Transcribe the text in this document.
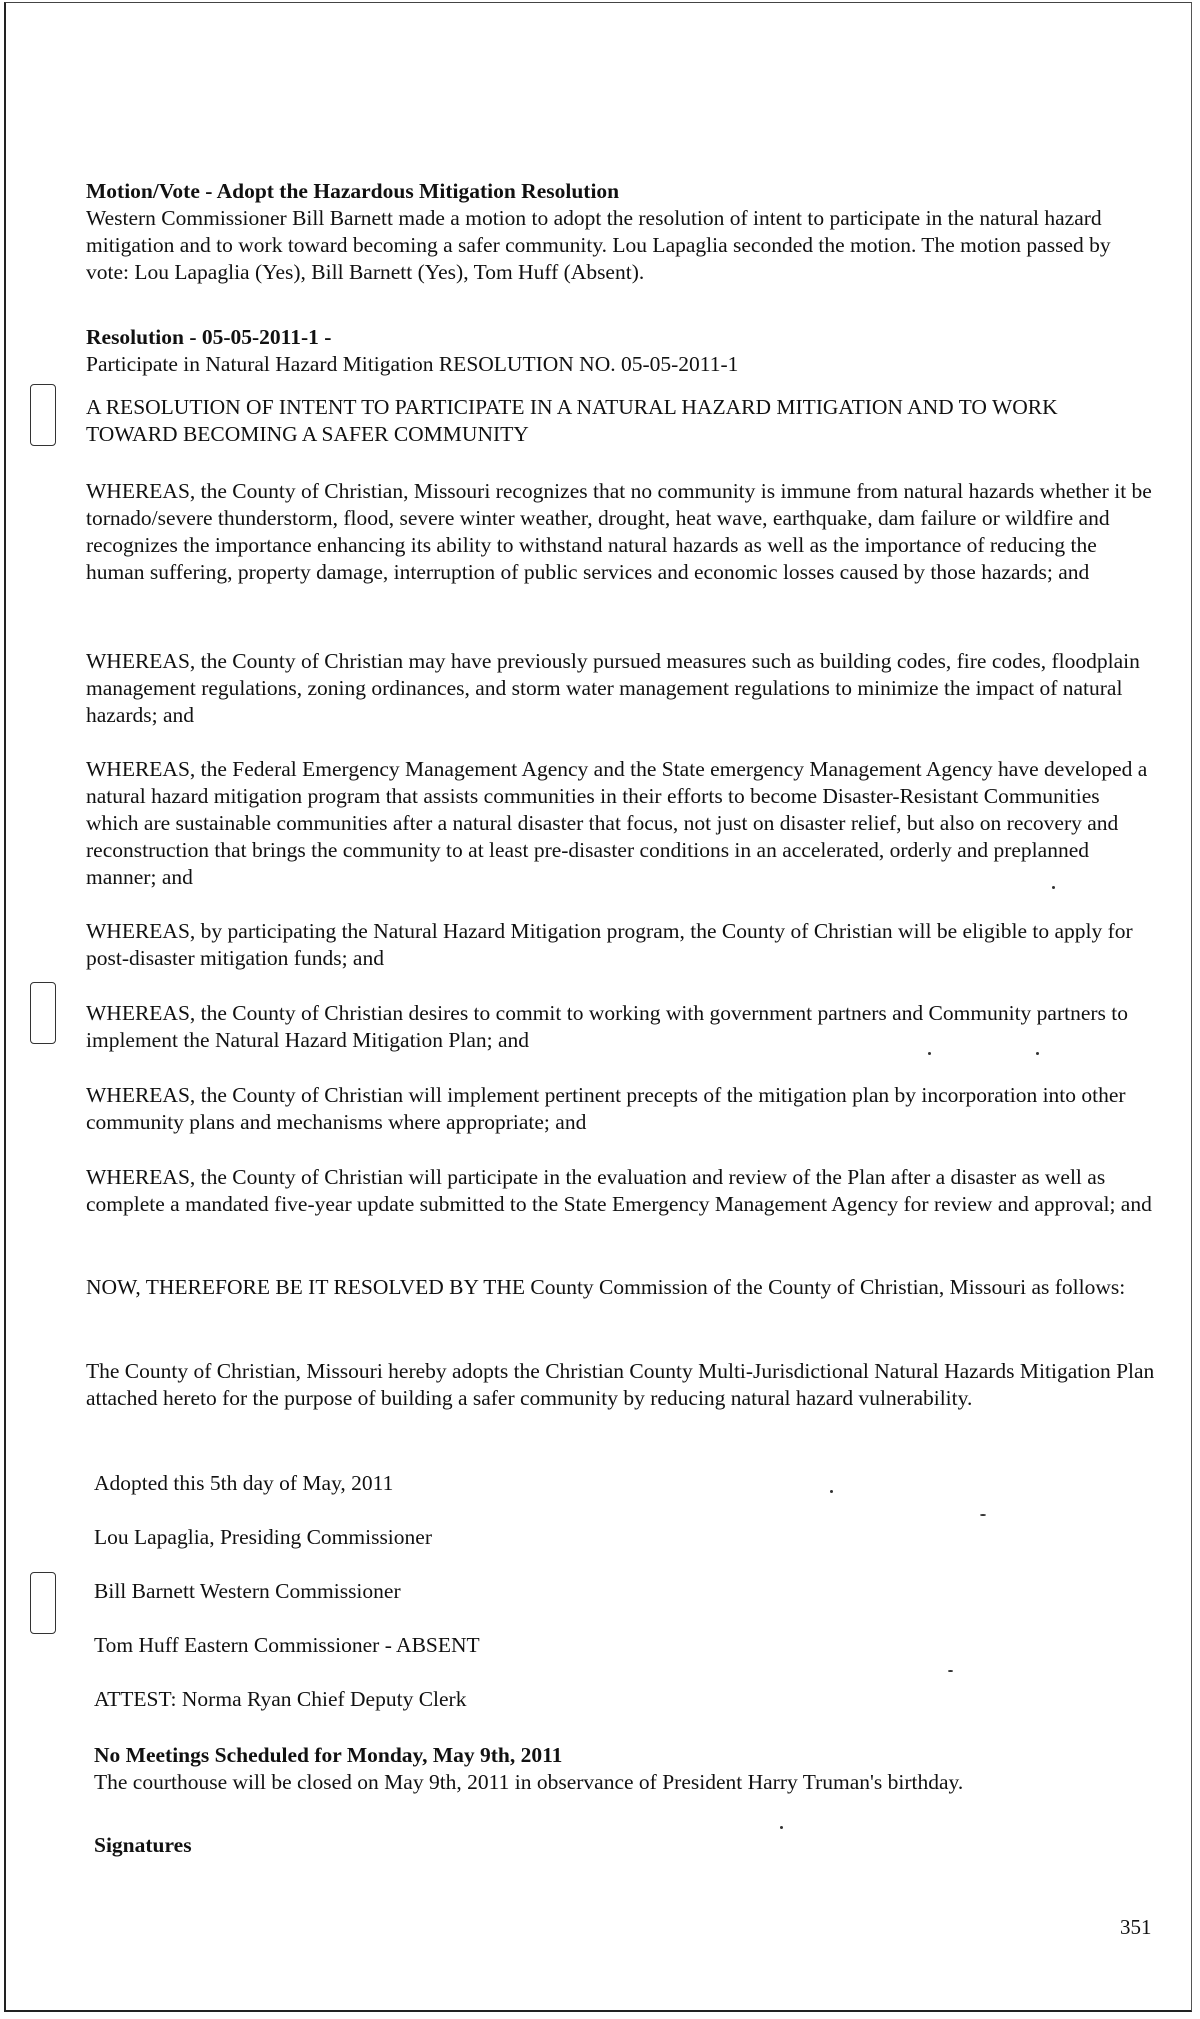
Motion/Vote - Adopt the Hazardous Mitigation Resolution

Western Commissioner Bill Barnett made a motion to adopt the resolution of intent to participate in the natural hazard mitigation and to work toward becoming a safer community. Lou Lapaglia seconded the motion. The motion passed by vote: Lou Lapaglia (Yes), Bill Barnett (Yes), Tom Huff (Absent).

Resolution - 05-05-2011-1 -

Participate in Natural Hazard Mitigation RESOLUTION NO. 05-05-2011-1

A RESOLUTION OF INTENT TO PARTICIPATE IN A NATURAL HAZARD MITIGATION AND TO WORK TOWARD BECOMING A SAFER COMMUNITY

WHEREAS, the County of Christian, Missouri recognizes that no community is immune from natural hazards whether it be tornado/severe thunderstorm, flood, severe winter weather, drought, heat wave, earthquake, dam failure or wildfire and recognizes the importance enhancing its ability to withstand natural hazards as well as the importance of reducing the human suffering, property damage, interruption of public services and economic losses caused by those hazards; and

WHEREAS, the County of Christian may have previously pursued measures such as building codes, fire codes, floodplain management regulations, zoning ordinances, and storm water management regulations to minimize the impact of natural hazards; and

WHEREAS, the Federal Emergency Management Agency and the State emergency Management Agency have developed a natural hazard mitigation program that assists communities in their efforts to become Disaster-Resistant Communities which are sustainable communities after a natural disaster that focus, not just on disaster relief, but also on recovery and reconstruction that brings the community to at least pre-disaster conditions in an accelerated, orderly and preplanned manner; and

WHEREAS, by participating the Natural Hazard Mitigation program, the County of Christian will be eligible to apply for post-disaster mitigation funds; and

WHEREAS, the County of Christian desires to commit to working with government partners and Community partners to implement the Natural Hazard Mitigation Plan; and

WHEREAS, the County of Christian will implement pertinent precepts of the mitigation plan by incorporation into other community plans and mechanisms where appropriate; and

WHEREAS, the County of Christian will participate in the evaluation and review of the Plan after a disaster as well as complete a mandated five-year update submitted to the State Emergency Management Agency for review and approval; and

NOW, THEREFORE BE IT RESOLVED BY THE County Commission of the County of Christian, Missouri as follows:

The County of Christian, Missouri hereby adopts the Christian County Multi-Jurisdictional Natural Hazards Mitigation Plan attached hereto for the purpose of building a safer community by reducing natural hazard vulnerability.

Adopted this 5th day of May, 2011

Lou Lapaglia, Presiding Commissioner

Bill Barnett Western Commissioner

Tom Huff Eastern Commissioner - ABSENT

ATTEST: Norma Ryan Chief Deputy Clerk

No Meetings Scheduled for Monday, May 9th, 2011

The courthouse will be closed on May 9th, 2011 in observance of President Harry Truman's birthday.

Signatures

351
